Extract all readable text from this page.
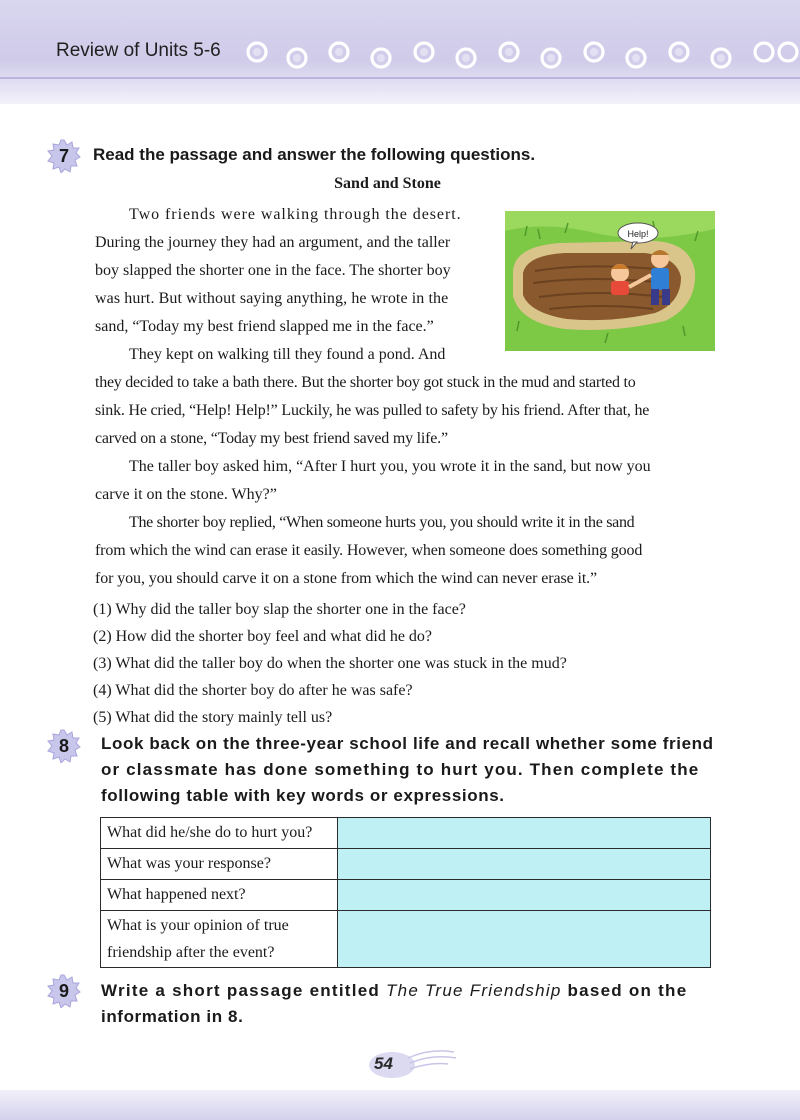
Review of Units 5-6
7	Read the passage and answer the following questions.
Sand and Stone
Two friends were walking through the desert.
During the journey they had an argument, and the taller
boy slapped the shorter one in the face. The shorter boy
was hurt. But without saying anything, he wrote in the
sand, “Today my best friend slapped me in the face.”
They kept on walking till they found a pond. And
they decided to take a bath there. But the shorter boy got stuck in the mud and started to
sink. He cried, “Help! Help!” Luckily, he was pulled to safety by his friend. After that, he
carved on a stone, “Today my best friend saved my life.”
The taller boy asked him, “After I hurt you, you wrote it in the sand, but now you
carve it on the stone. Why?”
The shorter boy replied, “When someone hurts you, you should write it in the sand
from which the wind can erase it easily. However, when someone does something good
for you, you should carve it on a stone from which the wind can never erase it.”
Help!
(1) Why did the taller boy slap the shorter one in the face?
(2) How did the shorter boy feel and what did he do?
(3) What did the taller boy do when the shorter one was stuck in the mud?
(4) What did the shorter boy do after he was safe?
(5) What did the story mainly tell us?
8	Look back on the three-year school life and recall whether some friend
or classmate has done something to hurt you. Then complete the
following table with key words or expressions.
What did he/she do to hurt you?	
What was your response?	
What happened next?	
What is your opinion of true friendship after the event?	
9	Write a short passage entitled The True Friendship based on the
information in 8.
54
